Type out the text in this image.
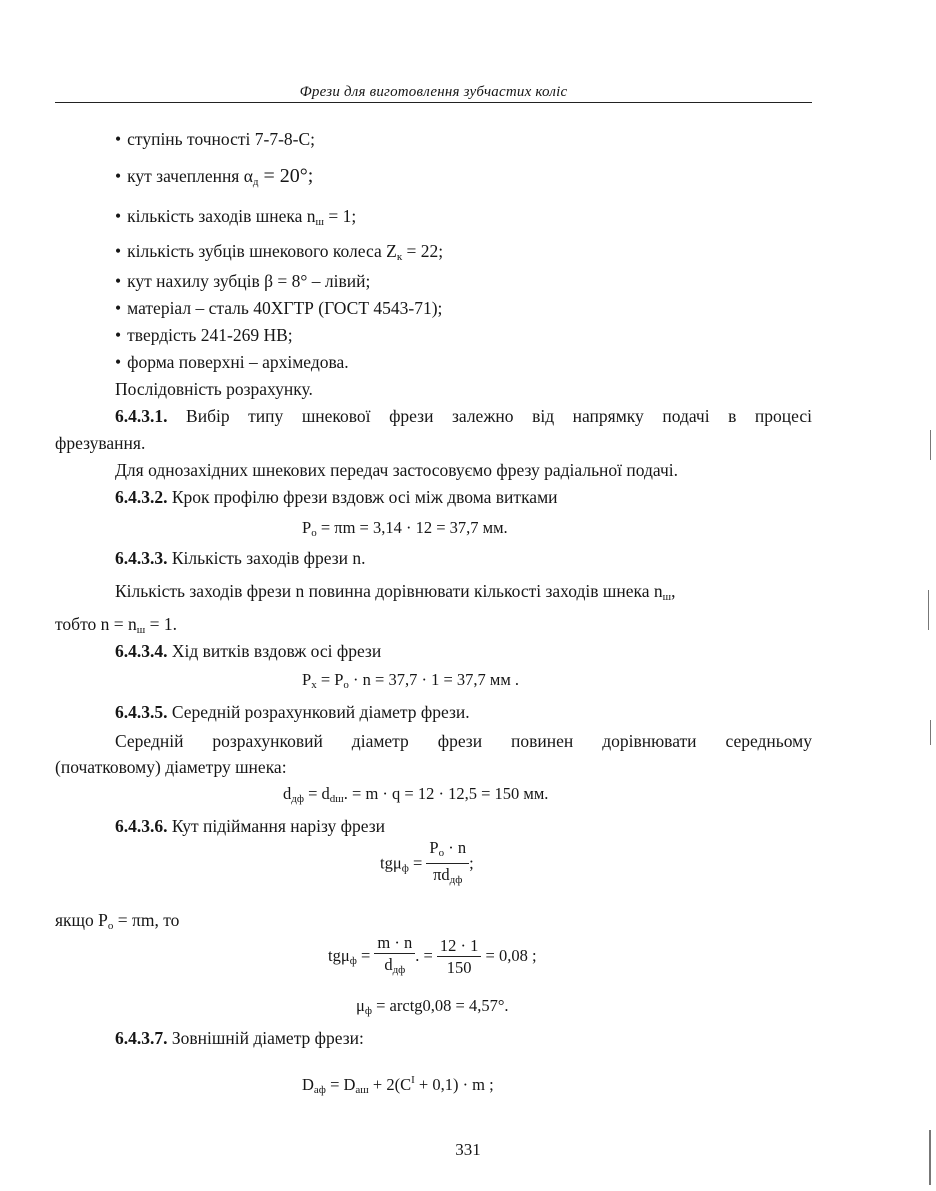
Фрези для виготовлення зубчастих коліс
• ступінь точності 7-7-8-С;
• кут зачеплення $\alpha_д = 20^\circ$;
• кількість заходів шнека $n_ш = 1$;
• кількість зубців шнекового колеса $Z_к = 22$;
• кут нахилу зубців β = 8° – лівий;
• матеріал – сталь 40ХГТР (ГОСТ 4543-71);
• твердість 241-269 НВ;
• форма поверхні – архімедова.
Послідовність розрахунку.
6.4.3.1. Вибір типу шнекової фрези залежно від напрямку подачі в процесі
фрезування.
Для однозахідних шнекових передач застосовуємо фрезу радіальної подачі.
6.4.3.2. Крок профілю фрези вздовж осі між двома витками
$P_о = \pi m = 3,14 \cdot 12 = 37,7$ мм.
6.4.3.3. Кількість заходів фрези n.
Кількість заходів фрези n повинна дорівнювати кількості заходів шнека $n_ш$,
тобто $n = n_ш = 1$.
6.4.3.4. Хід витків вздовж осі фрези
$P_x = P_о \cdot n = 37,7 \cdot 1 = 37,7$ мм .
6.4.3.5. Середній розрахунковий діаметр фрези.
Середній розрахунковий діаметр фрези повинен дорівнювати середньому
(початковому) діаметру шнека:
$d_{дф} = d_{dш}$. = m · q = 12 · 12,5 = 150 мм.
6.4.3.6. Кут підіймання нарізу фрези
$tg\mu_ф = \frac{P_о \cdot n}{\pi d_{дф}}$ ;
якщо $P_о = \pi m$, то
$tg\mu_ф = \frac{m \cdot n}{d_{дф}}$ . = $\frac{12 \cdot 1}{150} = 0,08$ ;
$\mu_ф$ = arctg0,08 = 4,57°.
6.4.3.7. Зовнішній діаметр фрези:
$D_{аф} = D_{аш} + 2(C^I + 0,1) \cdot m$ ;
331
